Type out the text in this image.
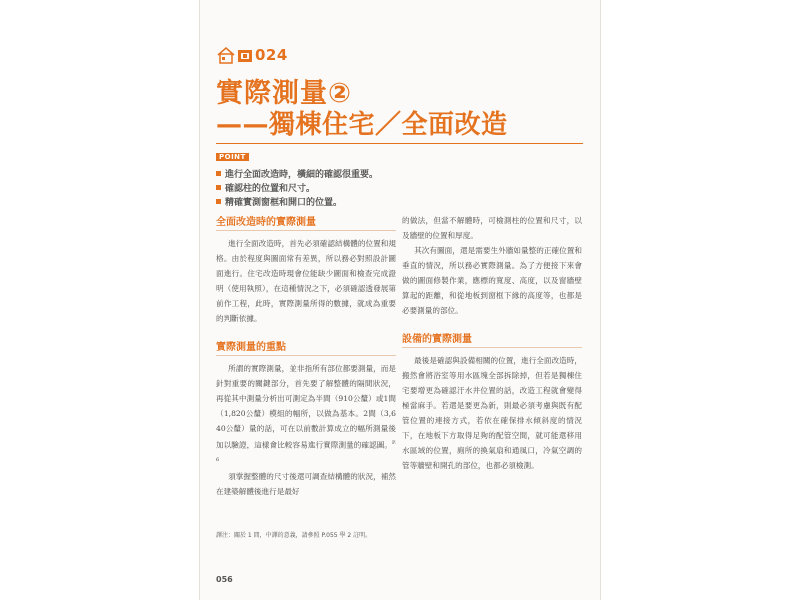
024
實際測量②
——獨棟住宅／全面改造
POINT
進行全面改造時，橫細的確認很重要。
確認柱的位置和尺寸。
精確實測窗框和開口的位置。
全面改造時的實際測量

進行全面改造時，首先必須確認結構體的位置和規格。由於程度與圖面常有差異，所以務必對照設計圖面進行。住宅改造時現會位能缺少圖面和檢查完成證明（使用執照），在這種情況之下，必須確認透發展第前作工程，此時，實際測量所得的數據，就成為重要的判斷依據。

實際測量的重點

所謂的實際測量，並非指所有部位都要測量，而是針對重要的關鍵部分，首先要了解整體的隔間狀況，再從其中測量分析出可測定為半間（910公釐）或1間（1,820公釐）模組的幅所，以做為基本。2間（3,640公釐）量的話，可在以前數計算成立的幅所測量後加以驗證，這樣會比較容易進行實際測量的確認圖。$^{P.6}$

須掌握整體的尺寸後還可調查結構體的狀況，補然在建築解體後進行是最好

的做法，但當不解體時，可檢測柱的位置和尺寸，以及牆壁的位置和厚度。

其次有圖面，還是需要生外牆如量整的正確位置和垂直的情況，所以務必實際測量。為了方便接下來會做的圖面修製作業，應標的寬度、高度，以及窗牆壁算起的距離，和從地板到窗框下緣的高度等，也都是必要測量的部位。

設備的實際測量

最後是確認與設備相關的位置，進行全面改造時，搬然會將浴室等用水區塊全部拆除掉，但若是獨棟住宅要增更為確認汙水井位置的話，改造工程就會變得極當麻手。若還是要更為新，則最必須考慮與既有配管位置的連接方式，若依在確保排水傾斜度的情況下，在地板下方取得足夠的配管空間，就可能還移用水區域的位置，廁所的換氣扇和通風口，冷氣空調的管等牆壁和開孔的部位，也都必須檢測。

譯注：關於 1 間，中譯的意義，請參照 P.055 學 2 註明。
056
